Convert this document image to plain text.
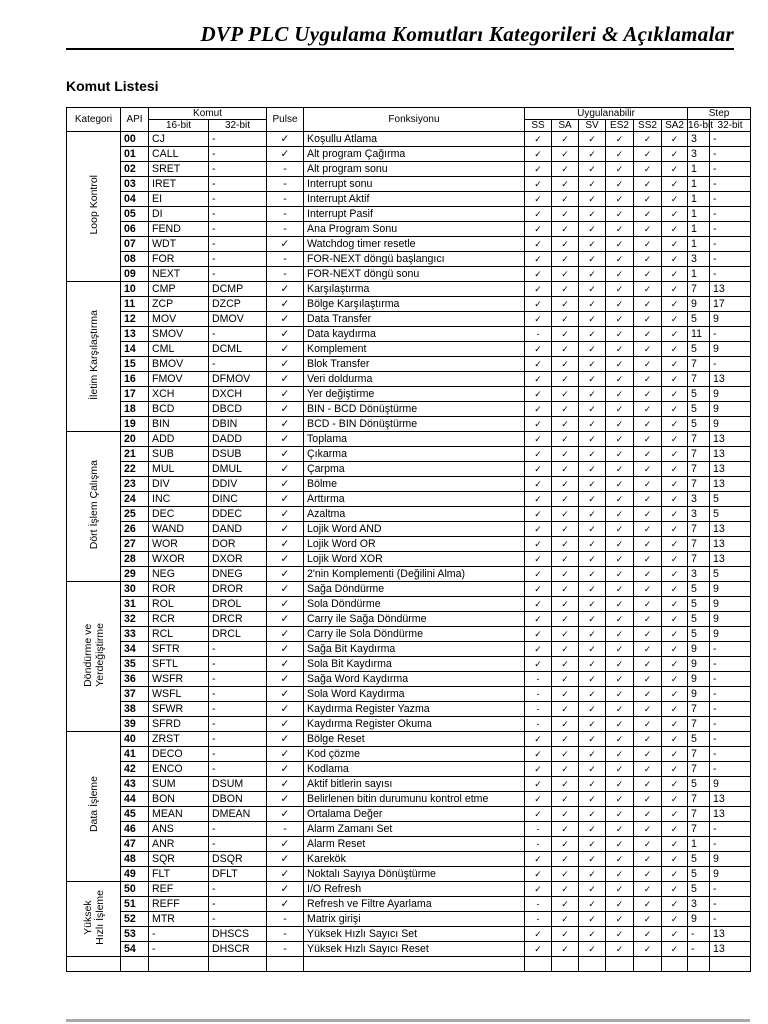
DVP PLC Uygulama Komutları Kategorileri & Açıklamalar
Komut Listesi
Kategori	API	Komut		Pulse	Fonksiyonu	Uygulanabilir						Step	
		16-bit	32-bit			SS	SA	SV	ES2	SS2	SA2	16-bit	32-bit
Loop Kontrol	00	CJ	-	✓	Koşullu Atlama	✓	✓	✓	✓	✓	✓	3	-
	01	CALL	-	✓	Alt program Çağırma	✓	✓	✓	✓	✓	✓	3	-
	02	SRET	-	-	Alt program sonu	✓	✓	✓	✓	✓	✓	1	-
	03	IRET	-	-	Interrupt sonu	✓	✓	✓	✓	✓	✓	1	-
	04	EI	-	-	Interrupt Aktif	✓	✓	✓	✓	✓	✓	1	-
	05	DI	-	-	Interrupt Pasif	✓	✓	✓	✓	✓	✓	1	-
	06	FEND	-	-	Ana Program Sonu	✓	✓	✓	✓	✓	✓	1	-
	07	WDT	-	✓	Watchdog timer resetle	✓	✓	✓	✓	✓	✓	1	-
	08	FOR	-	-	FOR-NEXT döngü başlangıcı	✓	✓	✓	✓	✓	✓	3	-
	09	NEXT	-	-	FOR-NEXT döngü sonu	✓	✓	✓	✓	✓	✓	1	-
İletim Karşılaştırma	10	CMP	DCMP	✓	Karşılaştırma	✓	✓	✓	✓	✓	✓	7	13
	11	ZCP	DZCP	✓	Bölge Karşılaştırma	✓	✓	✓	✓	✓	✓	9	17
	12	MOV	DMOV	✓	Data Transfer	✓	✓	✓	✓	✓	✓	5	9
	13	SMOV	-	✓	Data kaydırma	-	✓	✓	✓	✓	✓	11	-
	14	CML	DCML	✓	Komplement	✓	✓	✓	✓	✓	✓	5	9
	15	BMOV	-	✓	Blok Transfer	✓	✓	✓	✓	✓	✓	7	-
	16	FMOV	DFMOV	✓	Veri doldurma	✓	✓	✓	✓	✓	✓	7	13
	17	XCH	DXCH	✓	Yer değiştirme	✓	✓	✓	✓	✓	✓	5	9
	18	BCD	DBCD	✓	BIN - BCD Dönüştürme	✓	✓	✓	✓	✓	✓	5	9
	19	BIN	DBIN	✓	BCD - BIN Dönüştürme	✓	✓	✓	✓	✓	✓	5	9
Dört İşlem Çalışma	20	ADD	DADD	✓	Toplama	✓	✓	✓	✓	✓	✓	7	13
	21	SUB	DSUB	✓	Çıkarma	✓	✓	✓	✓	✓	✓	7	13
	22	MUL	DMUL	✓	Çarpma	✓	✓	✓	✓	✓	✓	7	13
	23	DIV	DDIV	✓	Bölme	✓	✓	✓	✓	✓	✓	7	13
	24	INC	DINC	✓	Arttırma	✓	✓	✓	✓	✓	✓	3	5
	25	DEC	DDEC	✓	Azaltma	✓	✓	✓	✓	✓	✓	3	5
	26	WAND	DAND	✓	Lojik Word AND	✓	✓	✓	✓	✓	✓	7	13
	27	WOR	DOR	✓	Lojik Word OR	✓	✓	✓	✓	✓	✓	7	13
	28	WXOR	DXOR	✓	Lojik Word XOR	✓	✓	✓	✓	✓	✓	7	13
	29	NEG	DNEG	✓	2'nin Komplementi (Değilini Alma)	✓	✓	✓	✓	✓	✓	3	5
Döndürme ve
Yerdeğiştirme	30	ROR	DROR	✓	Sağa Döndürme	✓	✓	✓	✓	✓	✓	5	9
	31	ROL	DROL	✓	Sola Döndürme	✓	✓	✓	✓	✓	✓	5	9
	32	RCR	DRCR	✓	Carry ile Sağa Döndürme	✓	✓	✓	✓	✓	✓	5	9
	33	RCL	DRCL	✓	Carry ile Sola Döndürme	✓	✓	✓	✓	✓	✓	5	9
	34	SFTR	-	✓	Sağa Bit Kaydırma	✓	✓	✓	✓	✓	✓	9	-
	35	SFTL	-	✓	Sola Bit Kaydırma	✓	✓	✓	✓	✓	✓	9	-
	36	WSFR	-	✓	Sağa Word Kaydırma	-	✓	✓	✓	✓	✓	9	-
	37	WSFL	-	✓	Sola Word Kaydırma	-	✓	✓	✓	✓	✓	9	-
	38	SFWR	-	✓	Kaydırma Register Yazma	-	✓	✓	✓	✓	✓	7	-
	39	SFRD	-	✓	Kaydırma Register Okuma	-	✓	✓	✓	✓	✓	7	-
Data İşleme	40	ZRST	-	✓	Bölge Reset	✓	✓	✓	✓	✓	✓	5	-
	41	DECO	-	✓	Kod çözme	✓	✓	✓	✓	✓	✓	7	-
	42	ENCO	-	✓	Kodlama	✓	✓	✓	✓	✓	✓	7	-
	43	SUM	DSUM	✓	Aktif bitlerin sayısı	✓	✓	✓	✓	✓	✓	5	9
	44	BON	DBON	✓	Belirlenen bitin durumunu kontrol etme	✓	✓	✓	✓	✓	✓	7	13
	45	MEAN	DMEAN	✓	Ortalama Değer	✓	✓	✓	✓	✓	✓	7	13
	46	ANS	-	-	Alarm Zamanı Set	-	✓	✓	✓	✓	✓	7	-
	47	ANR	-	✓	Alarm Reset	-	✓	✓	✓	✓	✓	1	-
	48	SQR	DSQR	✓	Karekök	✓	✓	✓	✓	✓	✓	5	9
	49	FLT	DFLT	✓	Noktalı Sayıya Dönüştürme	✓	✓	✓	✓	✓	✓	5	9
Yüksek
Hızlı İşleme	50	REF	-	✓	I/O Refresh	✓	✓	✓	✓	✓	✓	5	-
	51	REFF	-	✓	Refresh ve Filtre Ayarlama	-	✓	✓	✓	✓	✓	3	-
	52	MTR	-	-	Matrix girişi	-	✓	✓	✓	✓	✓	9	-
	53	-	DHSCS	-	Yüksek Hızlı Sayıcı Set	✓	✓	✓	✓	✓	✓	-	13
	54	-	DHSCR	-	Yüksek Hızlı Sayıcı Reset	✓	✓	✓	✓	✓	✓	-	13
